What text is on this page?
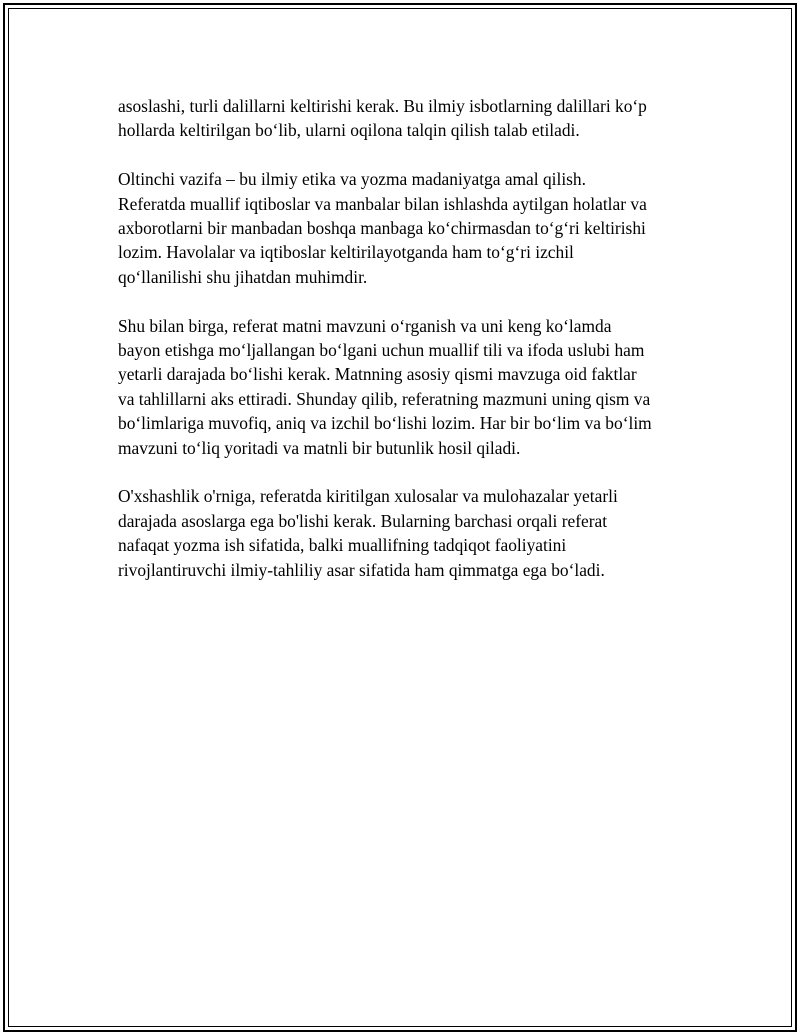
asoslashi, turli dalillarni keltirishi kerak. Bu ilmiy isbotlarning dalillari koʻp
hollarda keltirilgan boʻlib, ularni oqilona talqin qilish talab etiladi.

Oltinchi vazifa – bu ilmiy etika va yozma madaniyatga amal qilish.
Referatda muallif iqtiboslar va manbalar bilan ishlashda aytilgan holatlar va
axborotlarni bir manbadan boshqa manbaga koʻchirmasdan toʻgʻri keltirishi
lozim. Havolalar va iqtiboslar keltirilayotganda ham toʻgʻri izchil
qoʻllanilishi shu jihatdan muhimdir.

Shu bilan birga, referat matni mavzuni oʻrganish va uni keng koʻlamda
bayon etishga moʻljallangan boʻlgani uchun muallif tili va ifoda uslubi ham
yetarli darajada boʻlishi kerak. Matnning asosiy qismi mavzuga oid faktlar
va tahlillarni aks ettiradi. Shunday qilib, referatning mazmuni uning qism va
boʻlimlariga muvofiq, aniq va izchil boʻlishi lozim. Har bir boʻlim va boʻlim
mavzuni toʻliq yoritadi va matnli bir butunlik hosil qiladi.

O'xshashlik o'rniga, referatda kiritilgan xulosalar va mulohazalar yetarli
darajada asoslarga ega bo'lishi kerak. Bularning barchasi orqali referat
nafaqat yozma ish sifatida, balki muallifning tadqiqot faoliyatini
rivojlantiruvchi ilmiy-tahliliy asar sifatida ham qimmatga ega boʻladi.
